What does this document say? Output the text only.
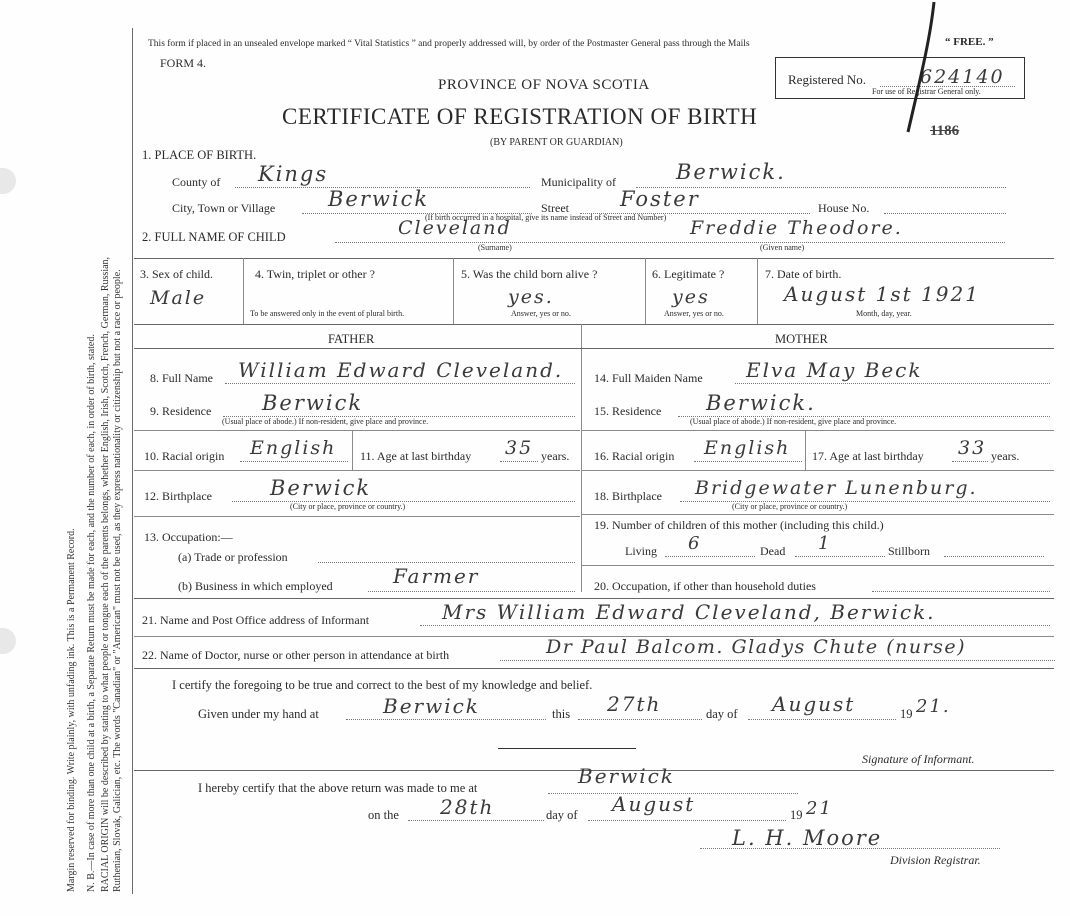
Margin reserved for binding. Write plainly, with unfading ink. This is a Permanent Record. N. B.—In case of more than one child at a birth, a Separate Return must be made for each, and the number of each, in order of birth, stated. RACIAL ORIGIN will be described by stating to what people or tongue each of the parents belongs, whether English, Irish, Scotch, French, German, Russian, Ruthenian, Slovak, Galician, etc. The words "Canadian" or "American" must not be used, as they express nationality or citizenship but not a race or people.
This form if placed in an unsealed envelope marked “ Vital Statistics ” and properly addressed will, by order of the Postmaster General pass through the Mails	“ FREE. ”
FORM 4.
PROVINCE OF NOVA SCOTIA
CERTIFICATE OF REGISTRATION OF BIRTH
(BY PARENT OR GUARDIAN)
Registered No.	624140
For use of Registrar General only.
1186
1. PLACE OF BIRTH.
County of Kings	Municipality of	Berwick.
City, Town or Village	Berwick	Street Foster	House No.
(If birth occurred in a hospital, give its name instead of Street and Number)
2. FULL NAME OF CHILD	Cleveland
(Surname)
Freddie Theodore.
(Given name)
3. Sex of child.
Male
4. Twin, triplet or other ?
To be answered only in the event of plural birth.
5. Was the child born alive ?
yes.
Answer, yes or no.
6. Legitimate ?
yes
Answer, yes or no.
7. Date of birth.
August 1st 1921
Month, day, year.
FATHER	MOTHER
8. Full Name William Edward Cleveland.
9. Residence Berwick
(Usual place of abode.) If non-resident, give place and province.
10. Racial origin English 11. Age at last birthday 35 years.
12. Birthplace	Berwick
(City or place, province or country.)
13. Occupation:—
(a) Trade or profession
(b) Business in which employed	Farmer
14. Full Maiden Name Elva May Beck
15. Residence Berwick.
(Usual place of abode.) If non-resident, give place and province.
16. Racial origin English 17. Age at last birthday 33 years.
18. Birthplace Bridgewater Lunenburg.
(City or place, province or country.)
19. Number of children of this mother (including this child.)
Living 6	Dead 1	Stillborn
20. Occupation, if other than household duties
21. Name and Post Office address of Informant	Mrs William Edward Cleveland, Berwick.
22. Name of Doctor, nurse or other person in attendance at birth	Dr Paul Balcom. Gladys Chute (nurse)
I certify the foregoing to be true and correct to the best of my knowledge and belief.
Given under my hand at	Berwick	this 27th	day of August	19 21.
Signature of Informant.
I hereby certify that the above return was made to me at	Berwick
on the 28th	day of August	19 21
L. H. Moore
Division Registrar.
